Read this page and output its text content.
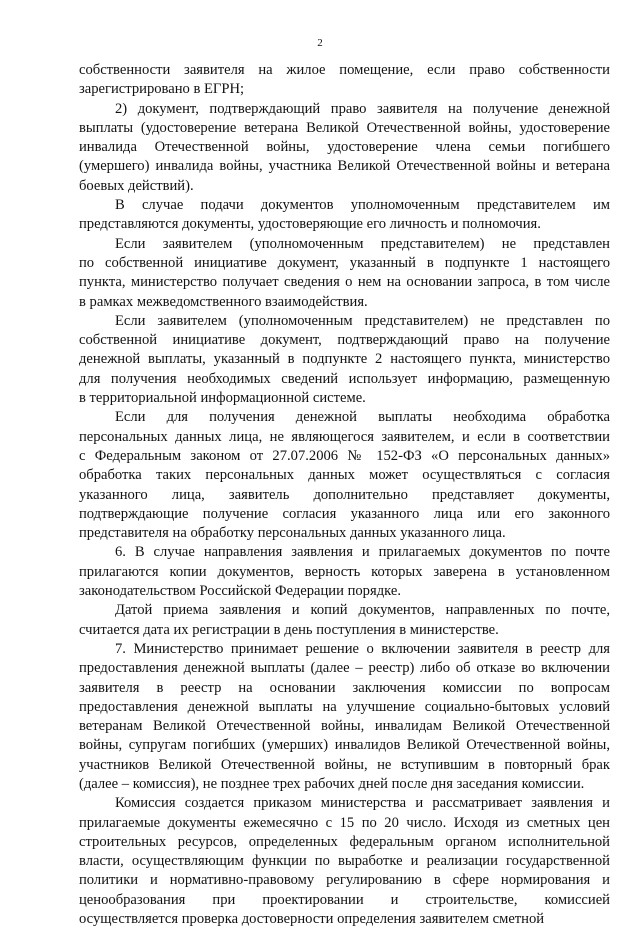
2
собственности заявителя на жилое помещение, если право собственности
зарегистрировано в ЕГРН;
2) документ, подтверждающий право заявителя на получение денежной
выплаты (удостоверение ветерана Великой Отечественной войны, удостоверение
инвалида Отечественной войны, удостоверение члена семьи погибшего
(умершего) инвалида войны, участника Великой Отечественной войны и ветерана
боевых действий).
В случае подачи документов уполномоченным представителем им
представляются документы, удостоверяющие его личность и полномочия.
Если заявителем (уполномоченным представителем) не представлен
по собственной инициативе документ, указанный в подпункте 1 настоящего
пункта, министерство получает сведения о нем на основании запроса, в том числе
в рамках межведомственного взаимодействия.
Если заявителем (уполномоченным представителем) не представлен по
собственной инициативе документ, подтверждающий право на получение
денежной выплаты, указанный в подпункте 2 настоящего пункта, министерство
для получения необходимых сведений использует информацию, размещенную
в территориальной информационной системе.
Если для получения денежной выплаты необходима обработка
персональных данных лица, не являющегося заявителем, и если в соответствии
с Федеральным законом от 27.07.2006 № 152-ФЗ «О персональных данных»
обработка таких персональных данных может осуществляться с согласия
указанного лица, заявитель дополнительно представляет документы,
подтверждающие получение согласия указанного лица или его законного
представителя на обработку персональных данных указанного лица.
6. В случае направления заявления и прилагаемых документов по почте
прилагаются копии документов, верность которых заверена в установленном
законодательством Российской Федерации порядке.
Датой приема заявления и копий документов, направленных по почте,
считается дата их регистрации в день поступления в министерстве.
7. Министерство принимает решение о включении заявителя в реестр для
предоставления денежной выплаты (далее – реестр) либо об отказе во включении
заявителя в реестр на основании заключения комиссии по вопросам
предоставления денежной выплаты на улучшение социально-бытовых условий
ветеранам Великой Отечественной войны, инвалидам Великой Отечественной
войны, супругам погибших (умерших) инвалидов Великой Отечественной войны,
участников Великой Отечественной войны, не вступившим в повторный брак
(далее – комиссия), не позднее трех рабочих дней после дня заседания комиссии.
Комиссия создается приказом министерства и рассматривает заявления и
прилагаемые документы ежемесячно с 15 по 20 число. Исходя из сметных цен
строительных ресурсов, определенных федеральным органом исполнительной
власти, осуществляющим функции по выработке и реализации государственной
политики и нормативно-правовому регулированию в сфере нормирования и
ценообразования при проектировании и строительстве, комиссией
осуществляется проверка достоверности определения заявителем сметной
